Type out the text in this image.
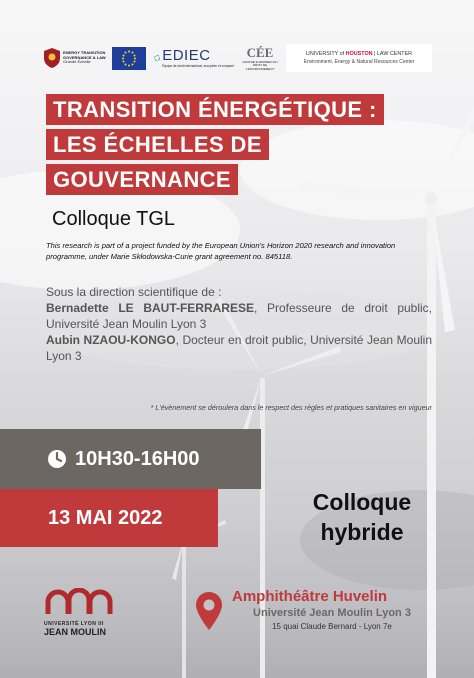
ENERGY TRANSITION
GOVERNANCE & LAW
Grande Échelle	EDIEC
Équipe de droit international, européen et comparé
CÉE
CENTRE EUROPÉEN DU
DROIT DE L'ENVIRONNEMENT
UNIVERSITY of HOUSTON | LAW CENTER
Environment, Energy & Natural Resources Center
TRANSITION ÉNERGÉTIQUE :
LES ÉCHELLES DE
GOUVERNANCE
Colloque TGL
This research is part of a project funded by the European Union's Horizon 2020 research and innovation programme, under Marie Skłodowska-Curie grant agreement no. 845118.
Sous la direction scientifique de :
Bernadette LE BAUT-FERRARESE, Professeure de droit public, Université Jean Moulin Lyon 3
Aubin NZAOU-KONGO, Docteur en droit public, Université Jean Moulin Lyon 3
* L'évènement se déroulera dans le respect des règles et pratiques sanitaires en vigueur
10H30-16H00
13 MAI 2022
Colloque
hybride
UNIVERSITÉ LYON III
JEAN MOULIN
Amphithéâtre Huvelin
Université Jean Moulin Lyon 3
15 quai Claude Bernard - Lyon 7e
